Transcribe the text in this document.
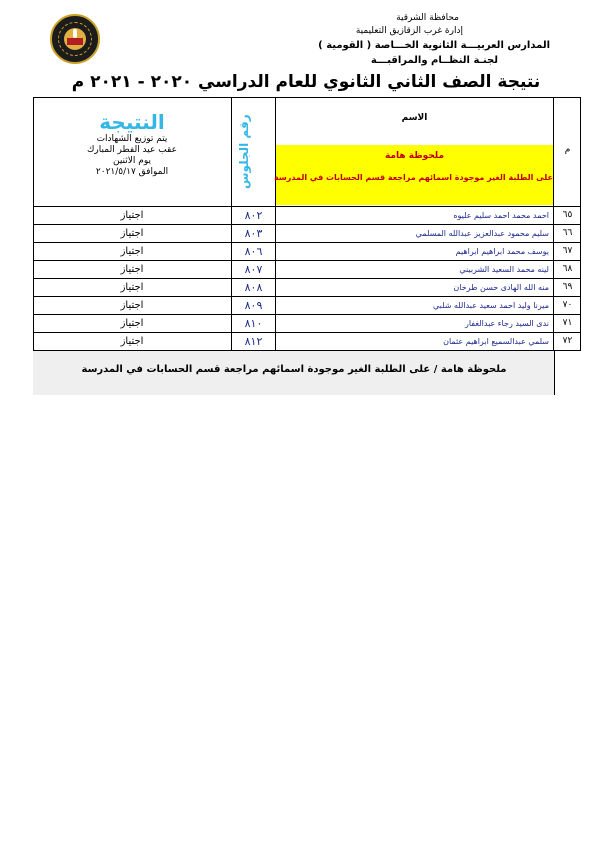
محافظة الشرقية
إدارة غرب الزقازيق التعليمية
المدارس العربيـــة الثانوية الخـــاصة ( القومية )
لجنـة النظــام والمراقبـــة
نتيجة الصف الثاني الثانوي للعام الدراسي ٢٠٢٠ - ٢٠٢١ م
النتيجة
يتم توزيع الشهادات
عقب عيد الفطر المبارك
يوم الاثنين
الموافق ٢٠٢١/٥/١٧	رقم الجلوس	الاسم
ملحوظة هامة
على الطلبة الغير موجودة اسمائهم مراجعة قسم الحسابات في المدرسة
م
اجتياز	٨٠٢	احمد محمد احمد سليم عليوه	٦٥
اجتياز	٨٠٣	سليم محمود عبدالعزيز عبدالله المسلمي	٦٦
اجتياز	٨٠٦	يوسف محمد ابراهيم ابراهيم	٦٧
اجتياز	٨٠٧	لينه محمد السعيد الشربيني	٦٨
اجتياز	٨٠٨	منه الله الهادى حسن طرخان	٦٩
اجتياز	٨٠٩	ميرنا وليد احمد سعيد عبدالله شلبي	٧٠
اجتياز	٨١٠	ندى السيد رجاء عبدالغفار	٧١
اجتياز	٨١٢	سلمي عبدالسميع ابراهيم عثمان	٧٢
ملحوظة هامة / على الطلبة الغير موجودة اسمائهم مراجعة قسم الحسابات في المدرسة
